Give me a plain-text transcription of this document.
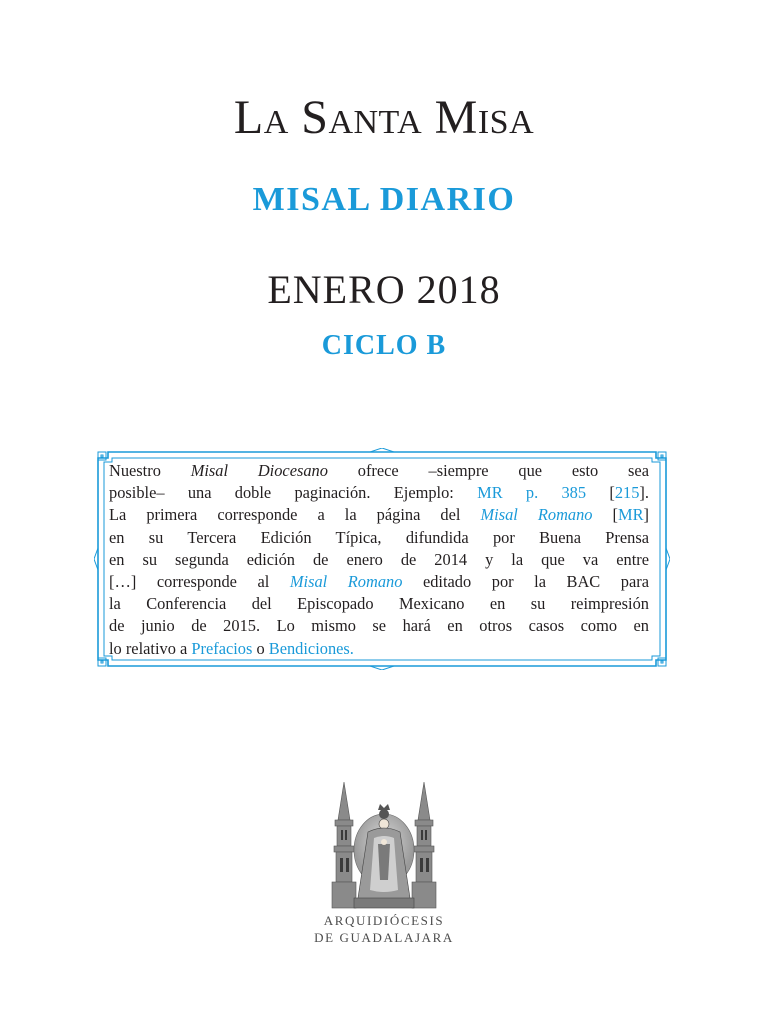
La Santa Misa
MISAL DIARIO
ENERO 2018
CICLO B
Nuestro Misal Diocesano ofrece –siempre que esto sea
posible– una doble paginación. Ejemplo: MR p. 385 [215].
La primera corresponde a la página del Misal Romano [MR]
en su Tercera Edición Típica, difundida por Buena Prensa
en su segunda edición de enero de 2014 y la que va entre
[…] corresponde al Misal Romano editado por la BAC para
la Conferencia del Episcopado Mexicano en su reimpresión
de junio de 2015. Lo mismo se hará en otros casos como en
lo relativo a Prefacios o Bendiciones.
ARQUIDIÓCESIS
DE GUADALAJARA
